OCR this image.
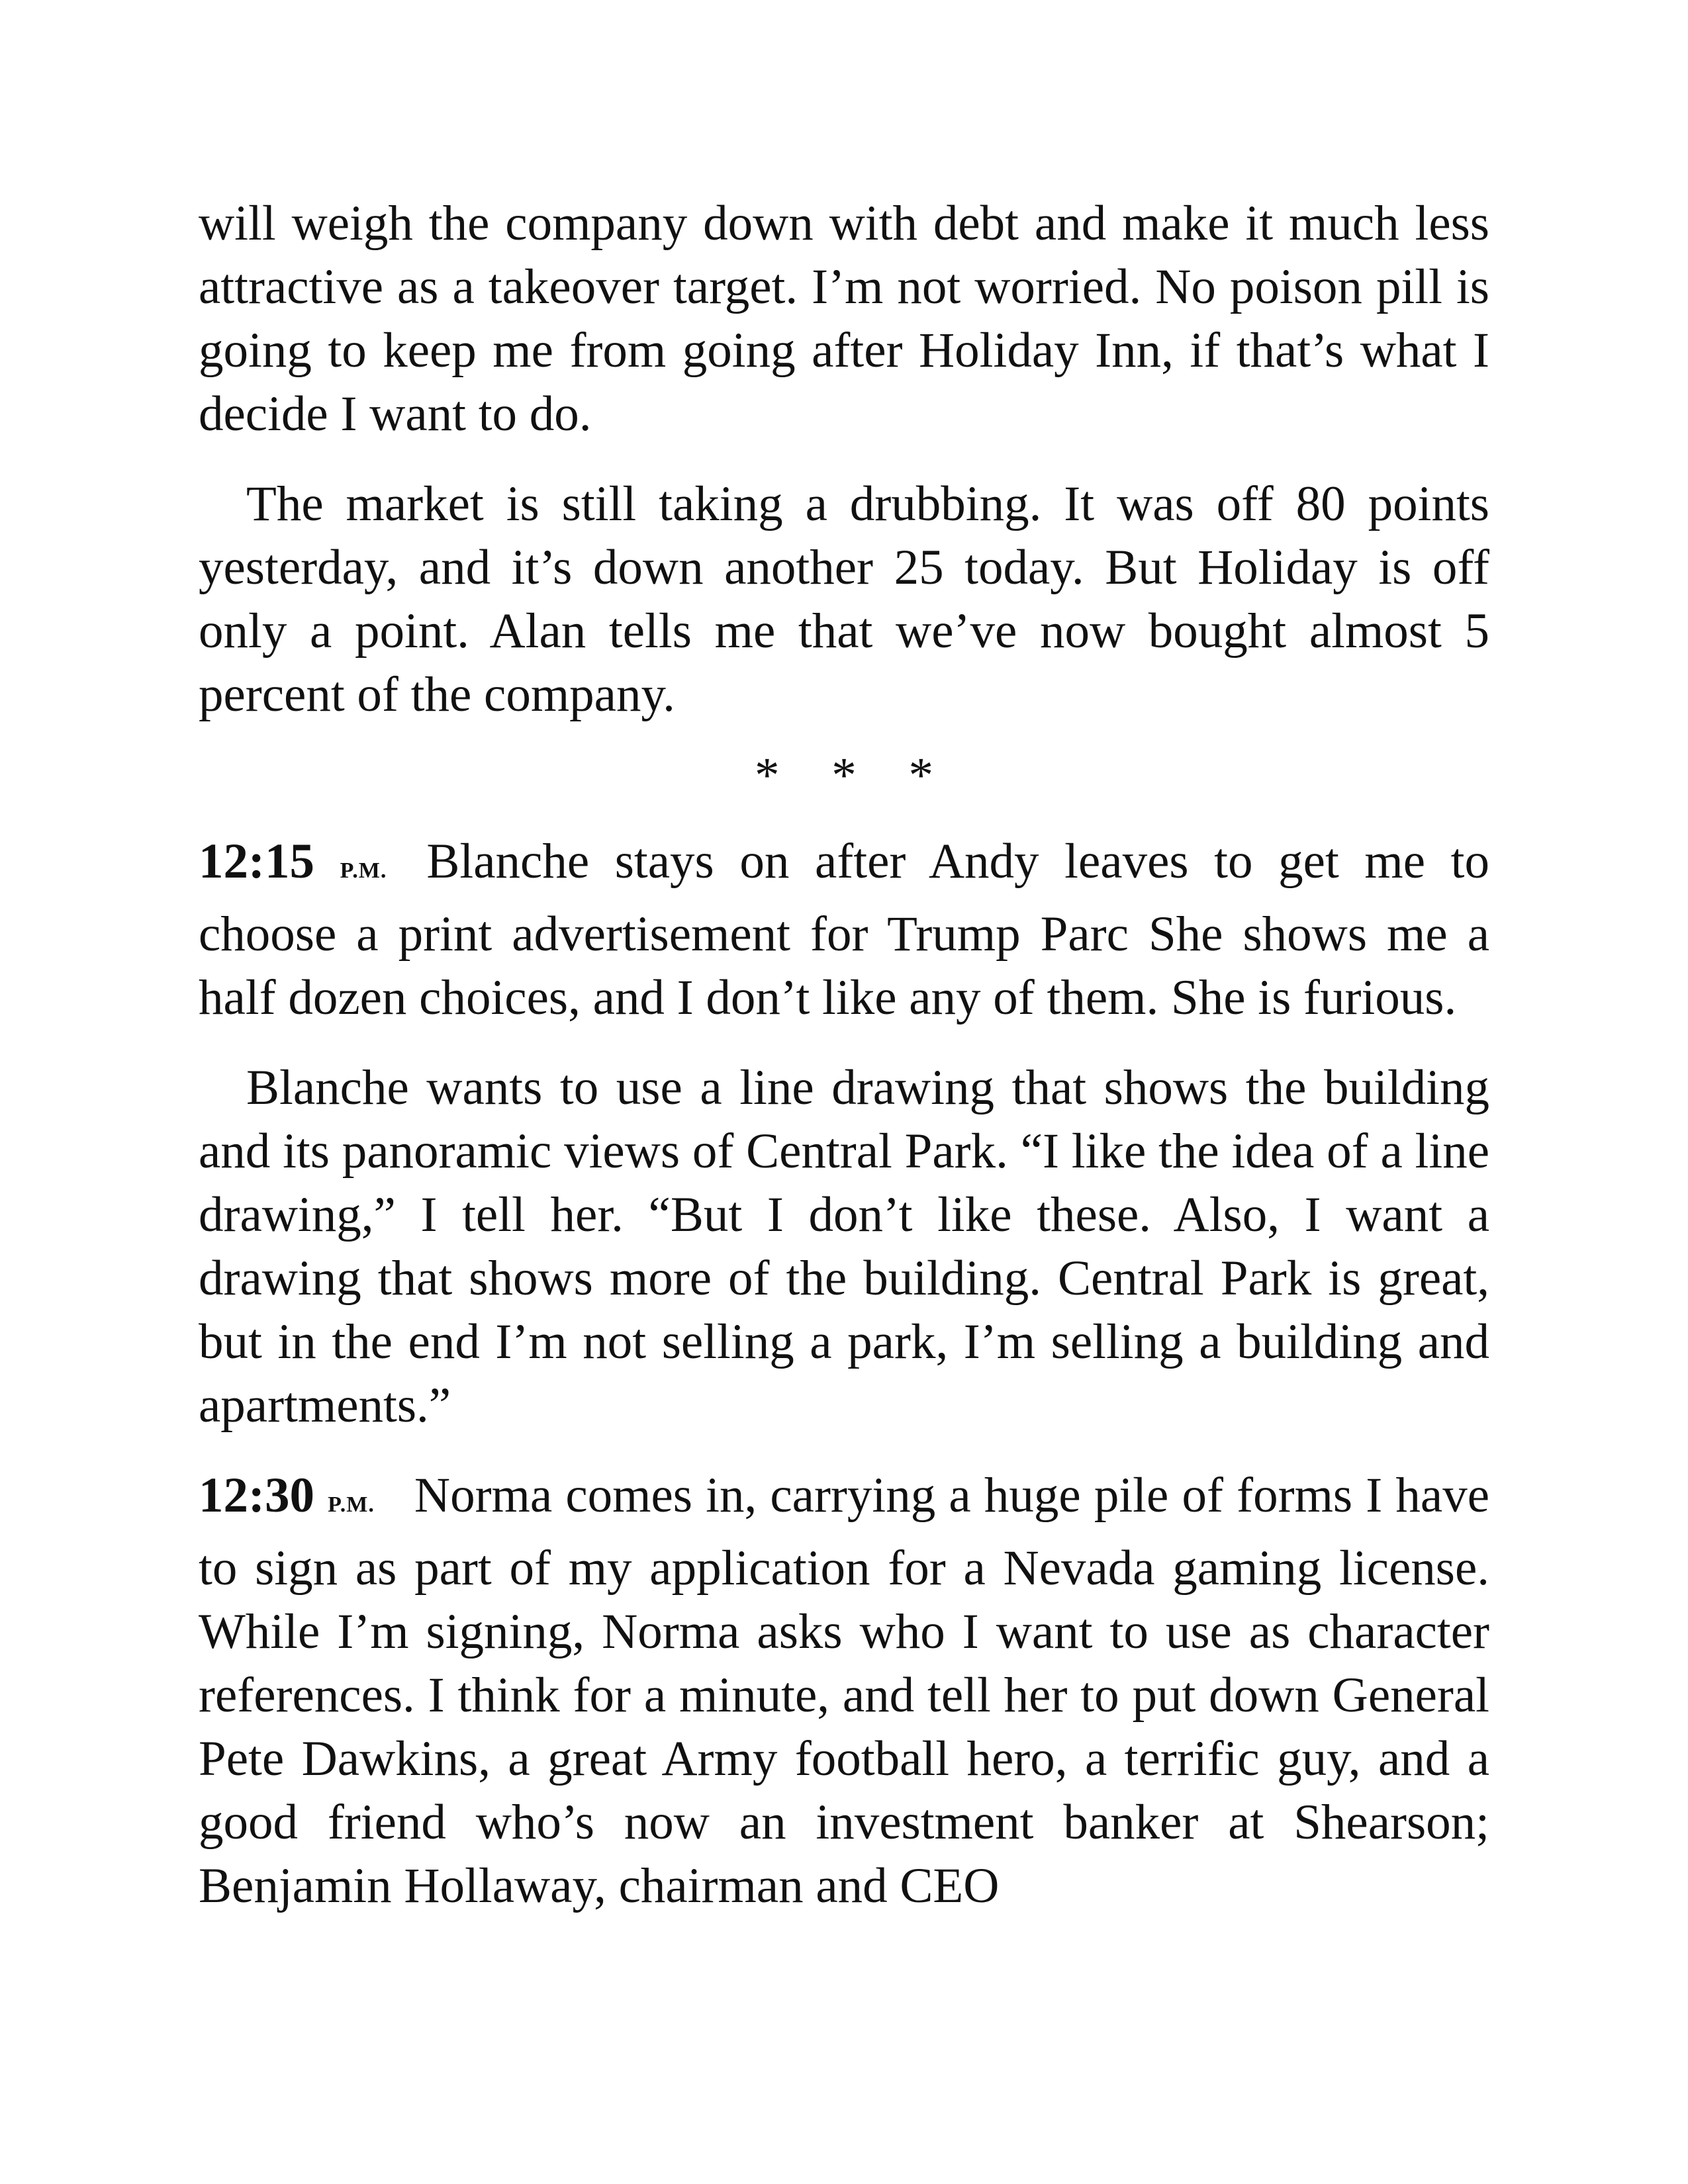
will weigh the company down with debt and make it much less attractive as a takeover target. I’m not worried. No poison pill is going to keep me from going after Holiday Inn, if that’s what I decide I want to do.

The market is still taking a drubbing. It was off 80 points yesterday, and it’s down another 25 today. But Holiday is off only a point. Alan tells me that we’ve now bought almost 5 percent of the company.

* * *

12:15 P.M. Blanche stays on after Andy leaves to get me to choose a print advertisement for Trump Parc She shows me a half dozen choices, and I don’t like any of them. She is furious.

Blanche wants to use a line drawing that shows the building and its panoramic views of Central Park. “I like the idea of a line drawing,” I tell her. “But I don’t like these. Also, I want a drawing that shows more of the building. Central Park is great, but in the end I’m not selling a park, I’m selling a building and apartments.”

12:30 P.M. Norma comes in, carrying a huge pile of forms I have to sign as part of my application for a Nevada gaming license. While I’m signing, Norma asks who I want to use as character references. I think for a minute, and tell her to put down General Pete Dawkins, a great Army football hero, a terrific guy, and a good friend who’s now an investment banker at Shearson; Benjamin Hollaway, chairman and CEO
